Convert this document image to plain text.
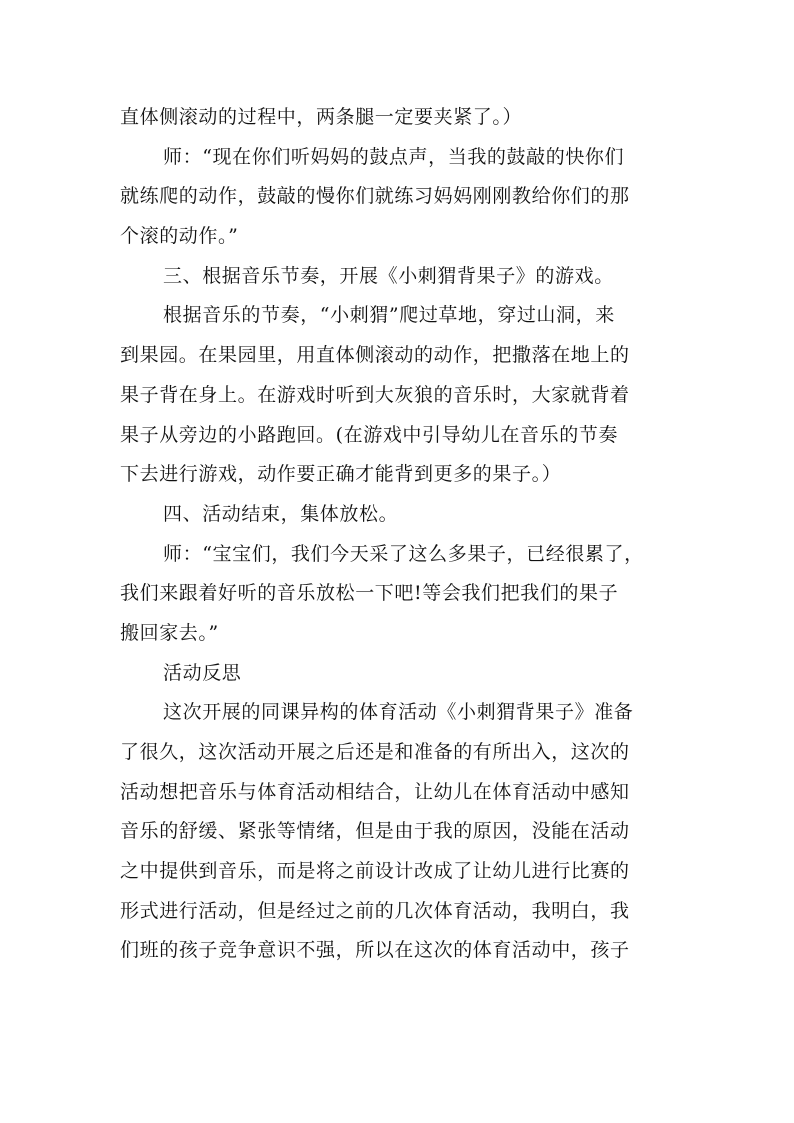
直体侧滚动的过程中，两条腿一定要夹紧了。）
师：“现在你们听妈妈的鼓点声，当我的鼓敲的快你们
就练爬的动作，鼓敲的慢你们就练习妈妈刚刚教给你们的那
个滚的动作。”
三、根据音乐节奏，开展《小刺猬背果子》的游戏。
根据音乐的节奏，“小刺猬”爬过草地，穿过山洞，来
到果园。在果园里，用直体侧滚动的动作，把撒落在地上的
果子背在身上。在游戏时听到大灰狼的音乐时，大家就背着
果子从旁边的小路跑回。(在游戏中引导幼儿在音乐的节奏
下去进行游戏，动作要正确才能背到更多的果子。）
四、活动结束，集体放松。
师：“宝宝们，我们今天采了这么多果子，已经很累了，
我们来跟着好听的音乐放松一下吧!等会我们把我们的果子
搬回家去。”
活动反思
这次开展的同课异构的体育活动《小刺猬背果子》准备
了很久，这次活动开展之后还是和准备的有所出入，这次的
活动想把音乐与体育活动相结合，让幼儿在体育活动中感知
音乐的舒缓、紧张等情绪，但是由于我的原因，没能在活动
之中提供到音乐，而是将之前设计改成了让幼儿进行比赛的
形式进行活动，但是经过之前的几次体育活动，我明白，我
们班的孩子竞争意识不强，所以在这次的体育活动中，孩子
